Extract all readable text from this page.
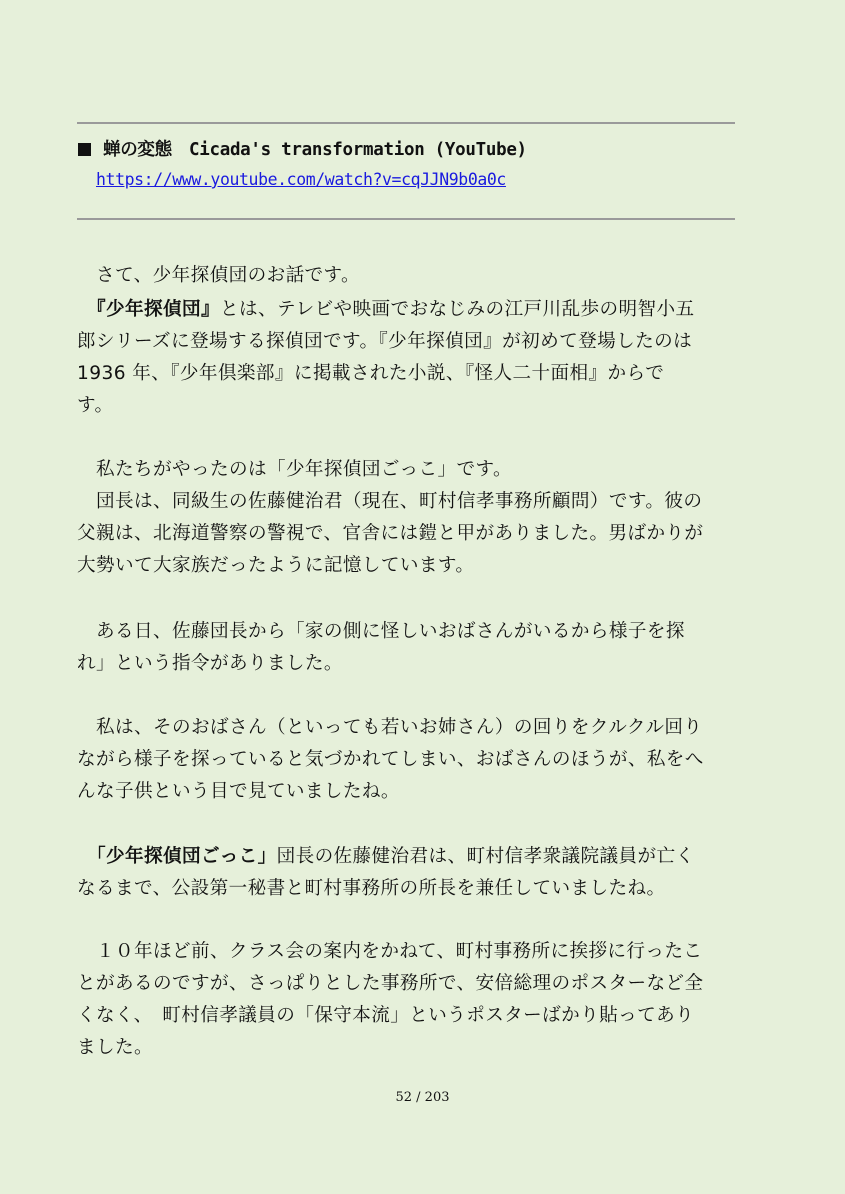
蝉の変態　Cicada's transformation (YouTube)
https://www.youtube.com/watch?v=cqJJN9b0a0c
さて、少年探偵団のお話です。
『少年探偵団』とは、テレビや映画でおなじみの江戸川乱歩の明智小五
郎シリーズに登場する探偵団です。『少年探偵団』が初めて登場したのは
1936 年、『少年倶楽部』に掲載された小説、『怪人二十面相』からで
す。
私たちがやったのは「少年探偵団ごっこ」です。
団長は、同級生の佐藤健治君（現在、町村信孝事務所顧問）です。彼の
父親は、北海道警察の警視で、官舎には鎧と甲がありました。男ばかりが
大勢いて大家族だったように記憶しています。
ある日、佐藤団長から「家の側に怪しいおばさんがいるから様子を探
れ」という指令がありました。
私は、そのおばさん（といっても若いお姉さん）の回りをクルクル回り
ながら様子を探っていると気づかれてしまい、おばさんのほうが、私をへ
んな子供という目で見ていましたね。
「少年探偵団ごっこ」団長の佐藤健治君は、町村信孝衆議院議員が亡く
なるまで、公設第一秘書と町村事務所の所長を兼任していましたね。
１０年ほど前、クラス会の案内をかねて、町村事務所に挨拶に行ったこ
とがあるのですが、さっぱりとした事務所で、安倍総理のポスターなど全
くなく、　町村信孝議員の「保守本流」というポスターばかり貼ってあり
ました。
52 / 203
